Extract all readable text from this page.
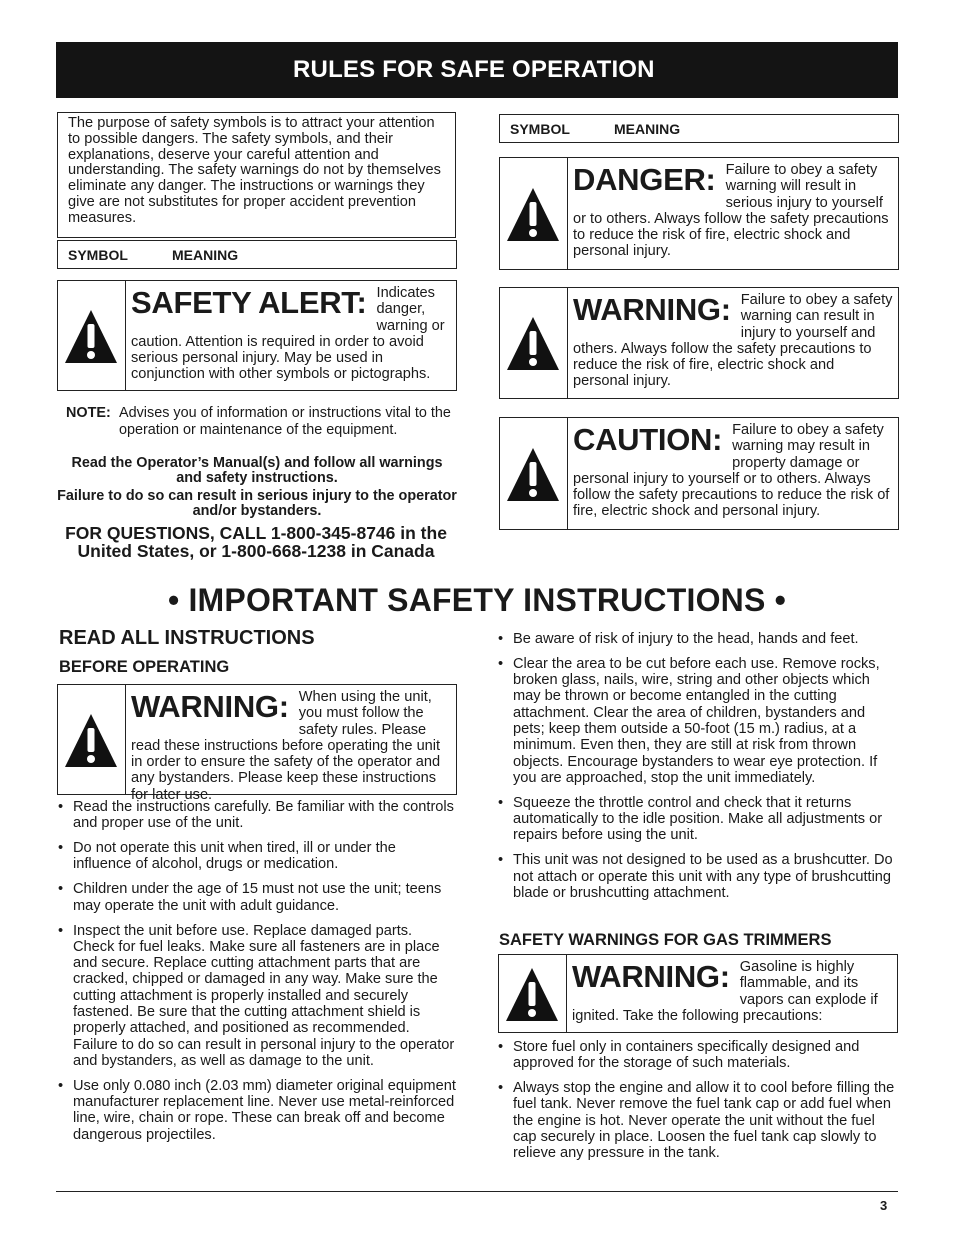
RULES FOR SAFE OPERATION
The purpose of safety symbols is to attract your attention to possible dangers. The safety symbols, and their explanations, deserve your careful attention and understanding. The safety warnings do not by themselves eliminate any danger. The instructions or warnings they give are not substitutes for proper accident prevention measures.
SYMBOL	MEANING
SAFETY ALERT: Indicates danger, warning or caution. Attention is required in order to avoid serious personal injury. May be used in conjunction with other symbols or pictographs.
SYMBOL	MEANING
DANGER: Failure to obey a safety warning will result in serious injury to yourself or to others. Always follow the safety precautions to reduce the risk of fire, electric shock and personal injury.
WARNING: Failure to obey a safety warning can result in injury to yourself and others. Always follow the safety precautions to reduce the risk of fire, electric shock and personal injury.
CAUTION: Failure to obey a safety warning may result in property damage or personal injury to yourself or to others. Always follow the safety precautions to reduce the risk of fire, electric shock and personal injury.
NOTE: Advises you of information or instructions vital to the operation or maintenance of the equipment.
Read the Operator’s Manual(s) and follow all warnings and safety instructions.
Failure to do so can result in serious injury to the operator and/or bystanders.
FOR QUESTIONS, CALL 1-800-345-8746 in the United States, or 1-800-668-1238 in Canada
• IMPORTANT SAFETY INSTRUCTIONS •
READ ALL INSTRUCTIONS
BEFORE OPERATING
WARNING: When using the unit, you must follow the safety rules. Please read these instructions before operating the unit in order to ensure the safety of the operator and any bystanders. Please keep these instructions for later use.
• Read the instructions carefully. Be familiar with the controls and proper use of the unit.
• Do not operate this unit when tired, ill or under the influence of alcohol, drugs or medication.
• Children under the age of 15 must not use the unit; teens may operate the unit with adult guidance.
• Inspect the unit before use. Replace damaged parts. Check for fuel leaks. Make sure all fasteners are in place and secure. Replace cutting attachment parts that are cracked, chipped or damaged in any way. Make sure the cutting attachment is properly installed and securely fastened. Be sure that the cutting attachment shield is properly attached, and positioned as recommended. Failure to do so can result in personal injury to the operator and bystanders, as well as damage to the unit.
• Use only 0.080 inch (2.03 mm) diameter original equipment manufacturer replacement line. Never use metal-reinforced line, wire, chain or rope. These can break off and become dangerous projectiles.
• Be aware of risk of injury to the head, hands and feet.
• Clear the area to be cut before each use. Remove rocks, broken glass, nails, wire, string and other objects which may be thrown or become entangled in the cutting attachment. Clear the area of children, bystanders and pets; keep them outside a 50-foot (15 m.) radius, at a minimum. Even then, they are still at risk from thrown objects. Encourage bystanders to wear eye protection. If you are approached, stop the unit immediately.
• Squeeze the throttle control and check that it returns automatically to the idle position. Make all adjustments or repairs before using the unit.
• This unit was not designed to be used as a brushcutter. Do not attach or operate this unit with any type of brushcutting blade or brushcutting attachment.
SAFETY WARNINGS FOR GAS TRIMMERS
WARNING: Gasoline is highly flammable, and its vapors can explode if ignited. Take the following precautions:
• Store fuel only in containers specifically designed and approved for the storage of such materials.
• Always stop the engine and allow it to cool before filling the fuel tank. Never remove the fuel tank cap or add fuel when the engine is hot. Never operate the unit without the fuel cap securely in place. Loosen the fuel tank cap slowly to relieve any pressure in the tank.
3
